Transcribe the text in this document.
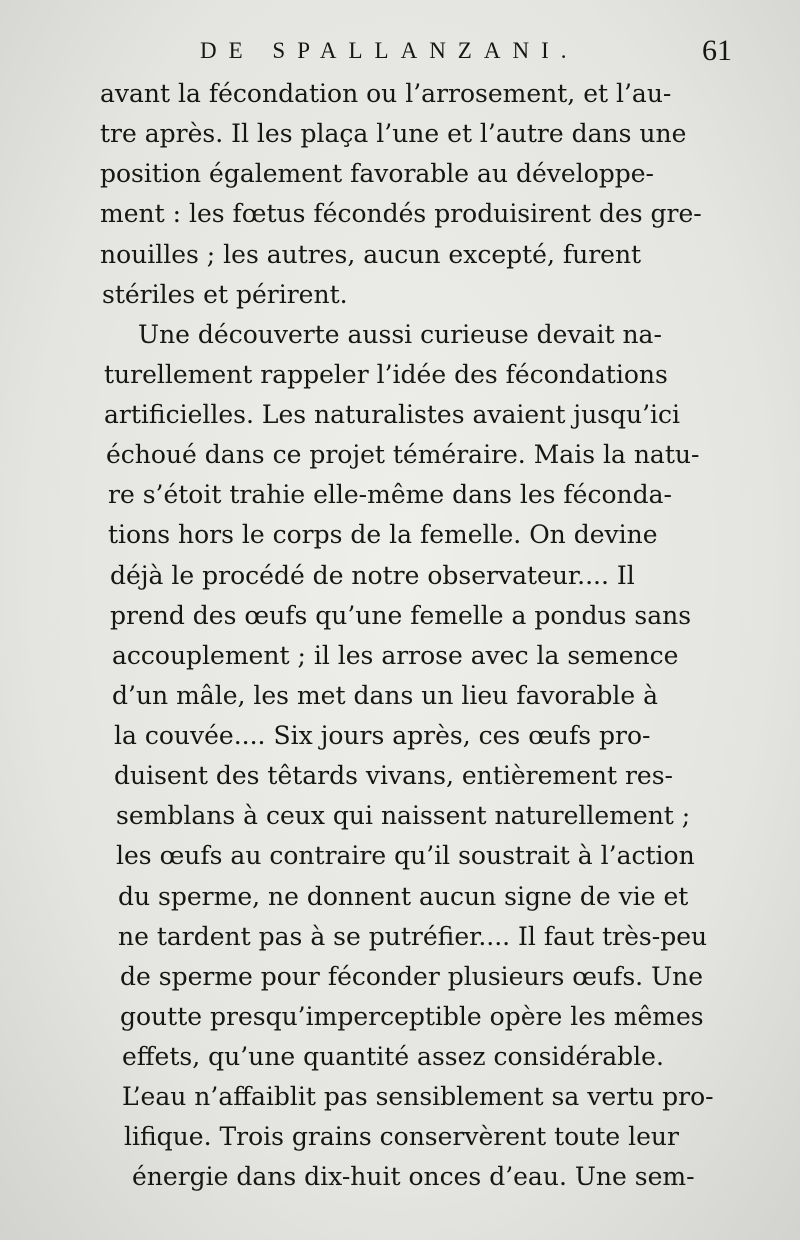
DE SPALLANZANI.	61
avant la fécondation ou l’arrosement, et l’au-
tre après. Il les plaça l’une et l’autre dans une
position également favorable au développe-
ment : les fœtus fécondés produisirent des gre-
nouilles ; les autres, aucun excepté, furent
stériles et périrent.
Une découverte aussi curieuse devait na-
turellement rappeler l’idée des fécondations
artificielles. Les naturalistes avaient jusqu’ici
échoué dans ce projet téméraire. Mais la natu-
re s’étoit trahie elle-même dans les féconda-
tions hors le corps de la femelle. On devine
déjà le procédé de notre observateur.... Il
prend des œufs qu’une femelle a pondus sans
accouplement ; il les arrose avec la semence
d’un mâle, les met dans un lieu favorable à
la couvée.... Six jours après, ces œufs pro-
duisent des têtards vivans, entièrement res-
semblans à ceux qui naissent naturellement ;
les œufs au contraire qu’il soustrait à l’action
du sperme, ne donnent aucun signe de vie et
ne tardent pas à se putréfier.... Il faut très-peu
de sperme pour féconder plusieurs œufs. Une
goutte presqu’imperceptible opère les mêmes
effets, qu’une quantité assez considérable.
L’eau n’affaiblit pas sensiblement sa vertu pro-
lifique. Trois grains conservèrent toute leur
énergie dans dix-huit onces d’eau. Une sem-
